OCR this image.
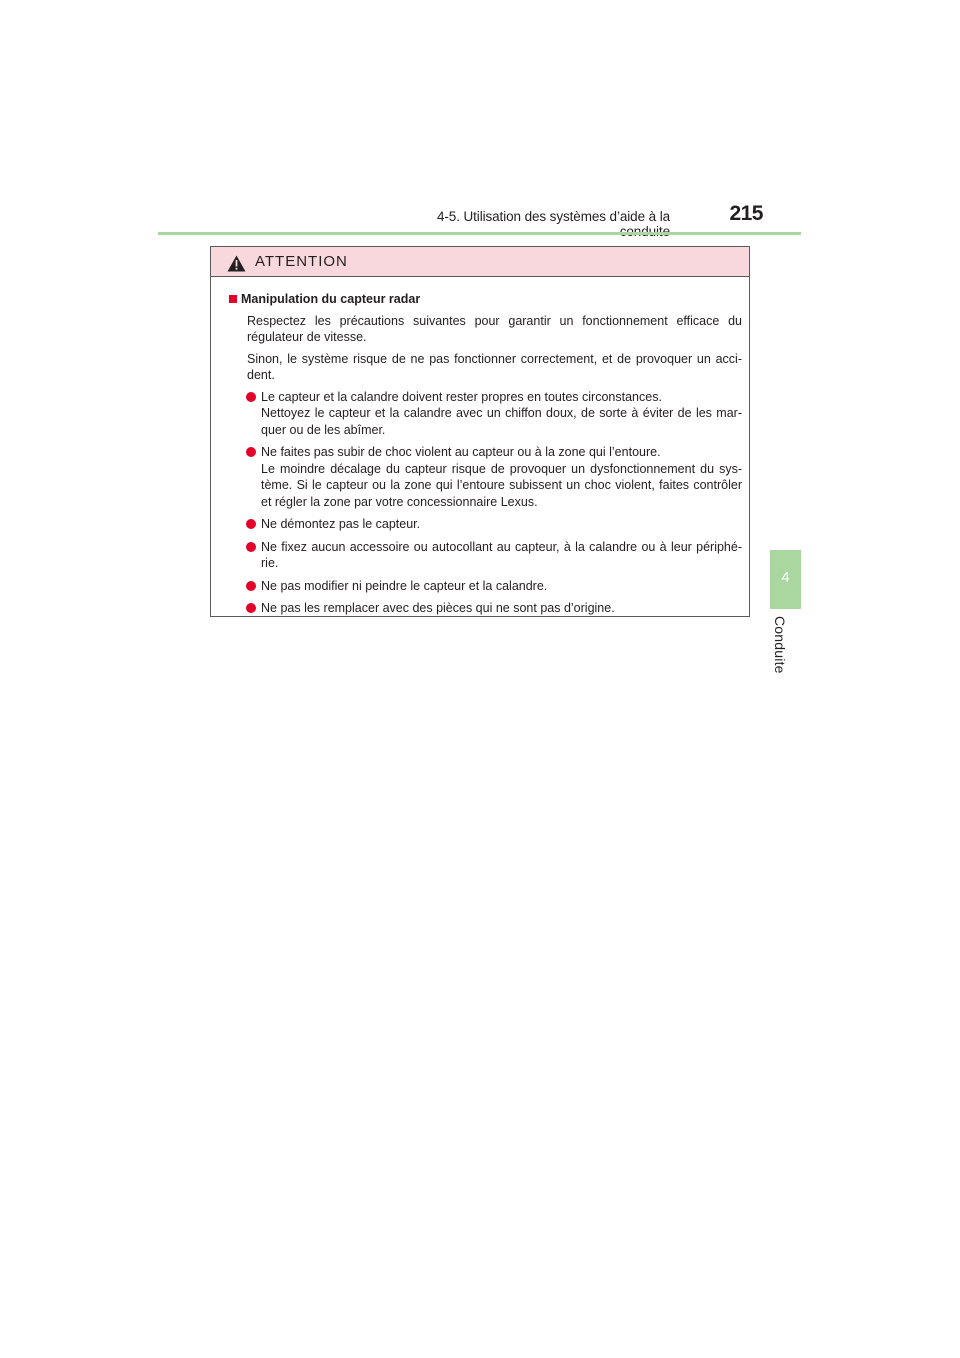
4-5. Utilisation des systèmes d’aide à la	215
4
Conduite
ATTENTION
Manipulation du capteur radar
Respectez les précautions suivantes pour garantir un fonctionnement efficace du régulateur de vitesse.
Sinon, le système risque de ne pas fonctionner correctement, et de provoquer un acci-dent.
Le capteur et la calandre doivent rester propres en toutes circonstances.
Nettoyez le capteur et la calandre avec un chiffon doux, de sorte à éviter de les mar-quer ou de les abîmer.
Ne faites pas subir de choc violent au capteur ou à la zone qui l’entoure.
Le moindre décalage du capteur risque de provoquer un dysfonctionnement du sys-tème. Si le capteur ou la zone qui l’entoure subissent un choc violent, faites contrôler et régler la zone par votre concessionnaire Lexus.
Ne démontez pas le capteur.
Ne fixez aucun accessoire ou autocollant au capteur, à la calandre ou à leur périphé-rie.
Ne pas modifier ni peindre le capteur et la calandre.
Ne pas les remplacer avec des pièces qui ne sont pas d’origine.
